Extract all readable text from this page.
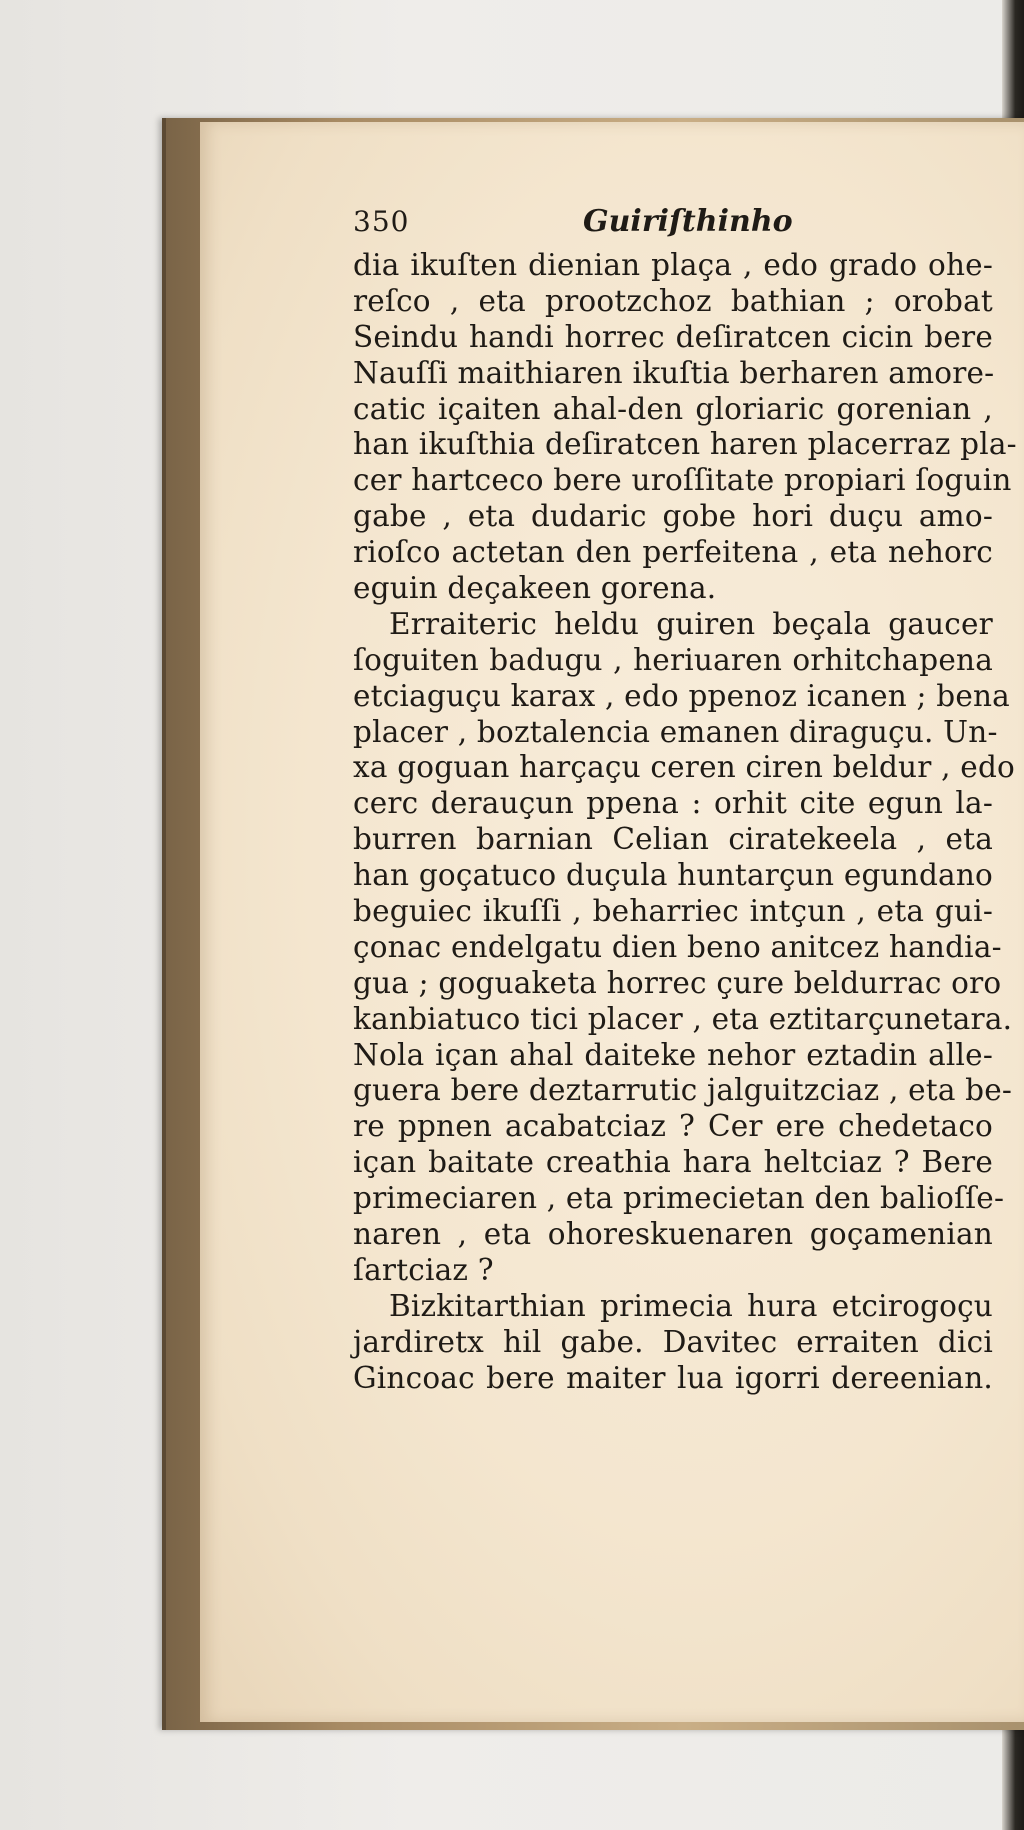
350	Guiriſthinho
dia ikuſten dienian plaça , edo grado ohe-
reſco , eta prootzchoz bathian ; orobat
Seindu handi horrec deſiratcen cicin bere
Nauſſi maithiaren ikuſtia berharen amore-
catic içaiten ahal-den gloriaric gorenian ,
han ikuſthia deſiratcen haren placerraz pla-
cer hartceco bere uroſſitate propiari ſoguin
gabe , eta dudaric gobe hori duçu amo-
rioſco actetan den perfeitena , eta nehorc
eguin deçakeen gorena.
Erraiteric heldu guiren beçala gaucer
ſoguiten badugu , heriuaren orhitchapena
etciaguçu karax , edo ppenoz icanen ; bena
placer , boztalencia emanen diraguçu. Un-
xa goguan harçaçu ceren ciren beldur , edo
cerc derauçun ppena : orhit cite egun la-
burren barnian Celian ciratekeela , eta
han goçatuco duçula huntarçun egundano
beguiec ikuſſi , beharriec intçun , eta gui-
çonac endelgatu dien beno anitcez handia-
gua ; goguaketa horrec çure beldurrac oro
kanbiatuco tici placer , eta eztitarçunetara.
Nola içan ahal daiteke nehor eztadin alle-
guera bere deztarrutic jalguitzciaz , eta be-
re ppnen acabatciaz ? Cer ere chedetaco
içan baitate creathia hara heltciaz ? Bere
primeciaren , eta primecietan den balioſſe-
naren , eta ohoreskuenaren goçamenian
ſartciaz ?
Bizkitarthian primecia hura etcirogoçu
jardiretx hil gabe. Davitec erraiten dici
Gincoac bere maiter lua igorri dereenian.
